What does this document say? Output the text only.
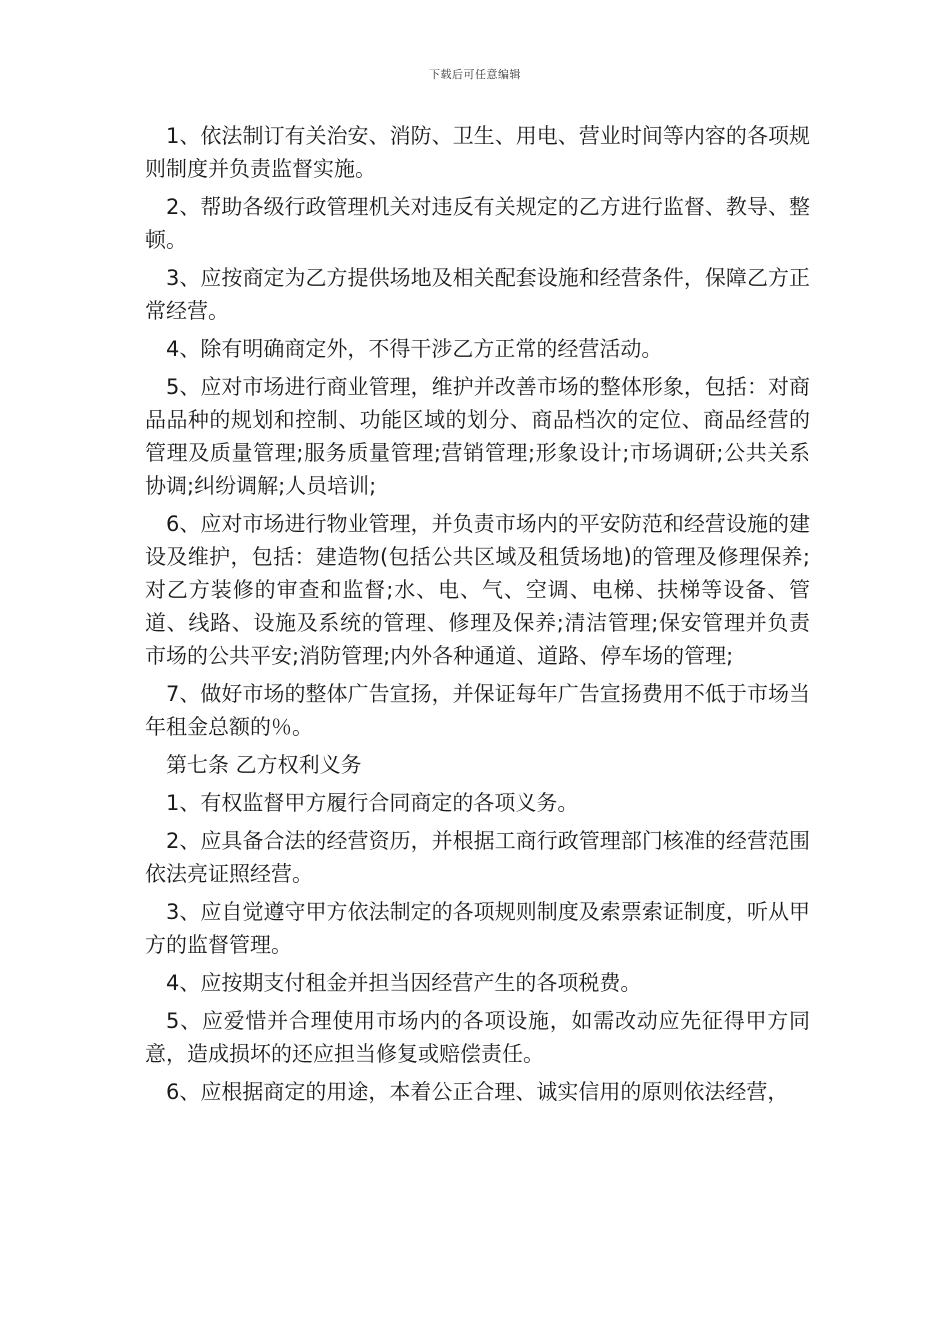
下载后可任意编辑

1、依法制订有关治安、消防、卫生、用电、营业时间等内容的各项规则制度并负责监督实施。

2、帮助各级行政管理机关对违反有关规定的乙方进行监督、教导、整顿。

3、应按商定为乙方提供场地及相关配套设施和经营条件，保障乙方正常经营。

4、除有明确商定外，不得干涉乙方正常的经营活动。

5、应对市场进行商业管理，维护并改善市场的整体形象，包括：对商品品种的规划和控制、功能区域的划分、商品档次的定位、商品经营的管理及质量管理;服务质量管理;营销管理;形象设计;市场调研;公共关系协调;纠纷调解;人员培训;

6、应对市场进行物业管理，并负责市场内的平安防范和经营设施的建设及维护，包括：建造物(包括公共区域及租赁场地)的管理及修理保养;对乙方装修的审查和监督;水、电、气、空调、电梯、扶梯等设备、管道、线路、设施及系统的管理、修理及保养;清洁管理;保安管理并负责市场的公共平安;消防管理;内外各种通道、道路、停车场的管理;

7、做好市场的整体广告宣扬，并保证每年广告宣扬费用不低于市场当年租金总额的％。

第七条 乙方权利义务

1、有权监督甲方履行合同商定的各项义务。

2、应具备合法的经营资历，并根据工商行政管理部门核准的经营范围依法亮证照经营。

3、应自觉遵守甲方依法制定的各项规则制度及索票索证制度，听从甲方的监督管理。

4、应按期支付租金并担当因经营产生的各项税费。

5、应爱惜并合理使用市场内的各项设施，如需改动应先征得甲方同意，造成损坏的还应担当修复或赔偿责任。

6、应根据商定的用途，本着公正合理、诚实信用的原则依法经营，
